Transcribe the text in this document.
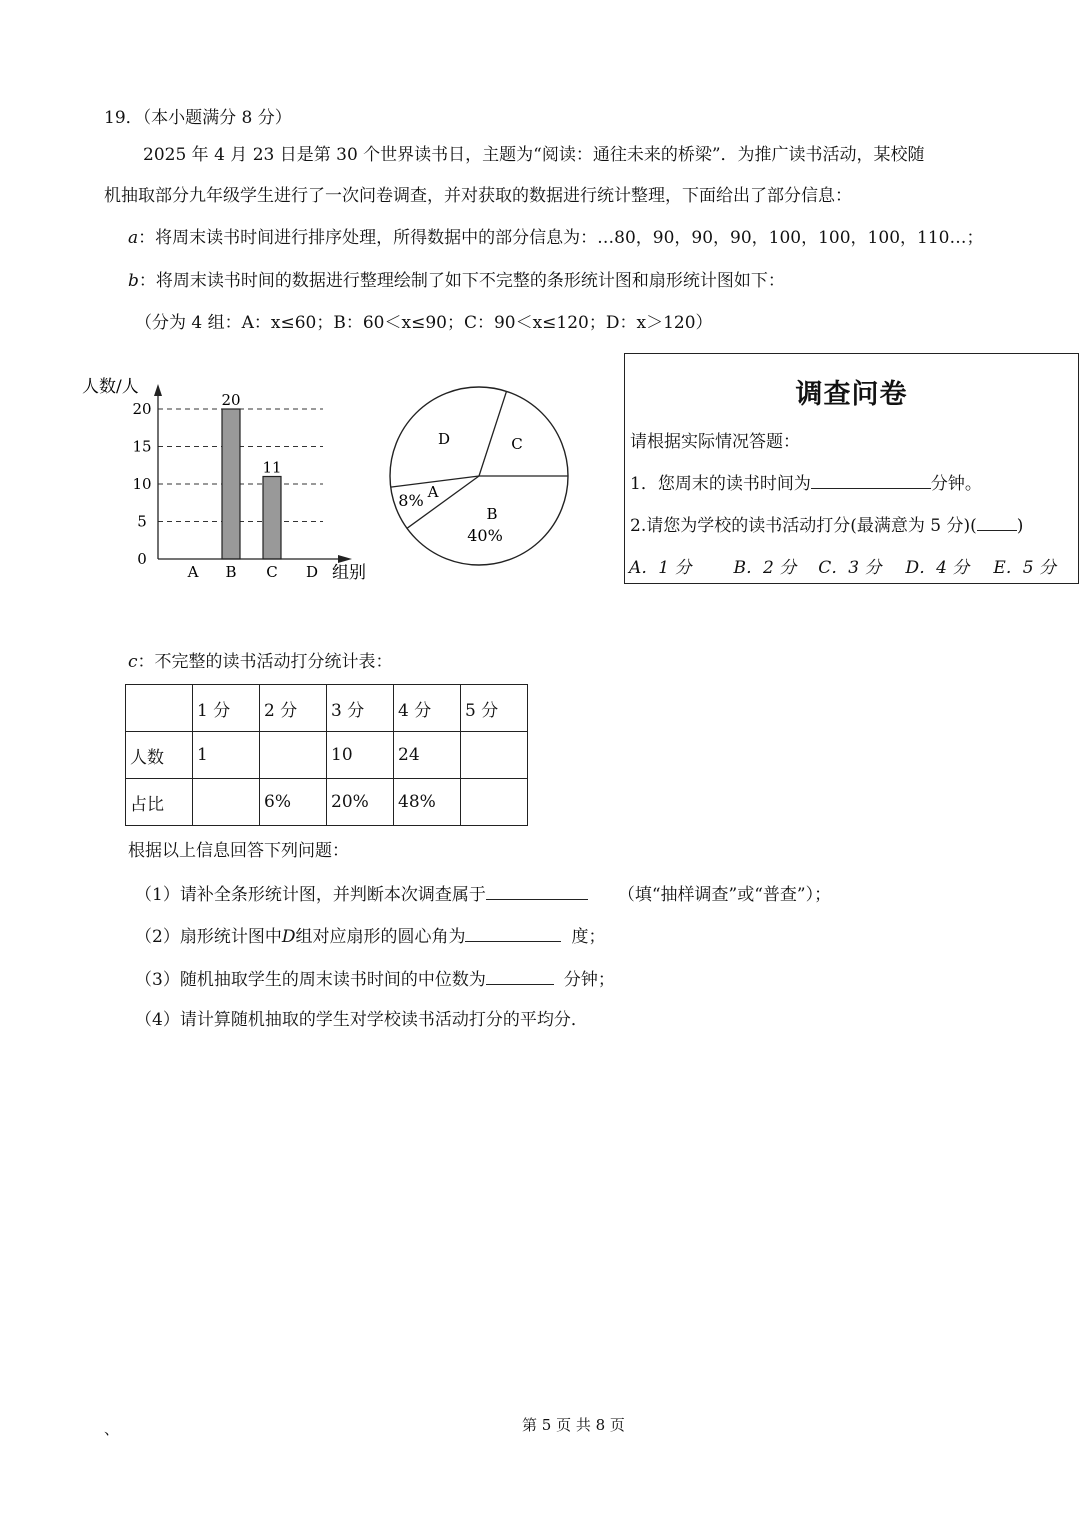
19．（本小题满分 8 分）
2025 年 4 月 23 日是第 30 个世界读书日，主题为“阅读：通往未来的桥梁”．为推广读书活动，某校随
机抽取部分九年级学生进行了一次问卷调查，并对获取的数据进行统计整理，下面给出了部分信息：
a：将周末读书时间进行排序处理，所得数据中的部分信息为：…80，90，90，90，100，100，100，110…；
b：将周末读书时间的数据进行整理绘制了如下不完整的条形统计图和扇形统计图如下：
（分为 4 组：A：x≤60；B：60＜x≤90；C：90＜x≤120；D：x＞120）
20
11
0
5
10
15
20
A B C D
人数/人
组别
A
8%
B
40%
C
D
调查问卷
请根据实际情况答题：
1．您周末的读书时间为	分钟。
2.请您为学校的读书活动打分(最满意为 5 分)( )
A．1 分 B．2 分 C．3 分 D．4 分 E．5 分
c：不完整的读书活动打分统计表：
	1 分	2 分	3 分	4 分	5 分
人数	1		10	24	
占比		6%	20%	48%	
根据以上信息回答下列问题：
（1）请补全条形统计图，并判断本次调查属于	（填“抽样调查”或“普查”）；
（2）扇形统计图中D组对应扇形的圆心角为	度；
（3）随机抽取学生的周末读书时间的中位数为	分钟；
（4）请计算随机抽取的学生对学校读书活动打分的平均分．
、	第 5 页 共 8 页
